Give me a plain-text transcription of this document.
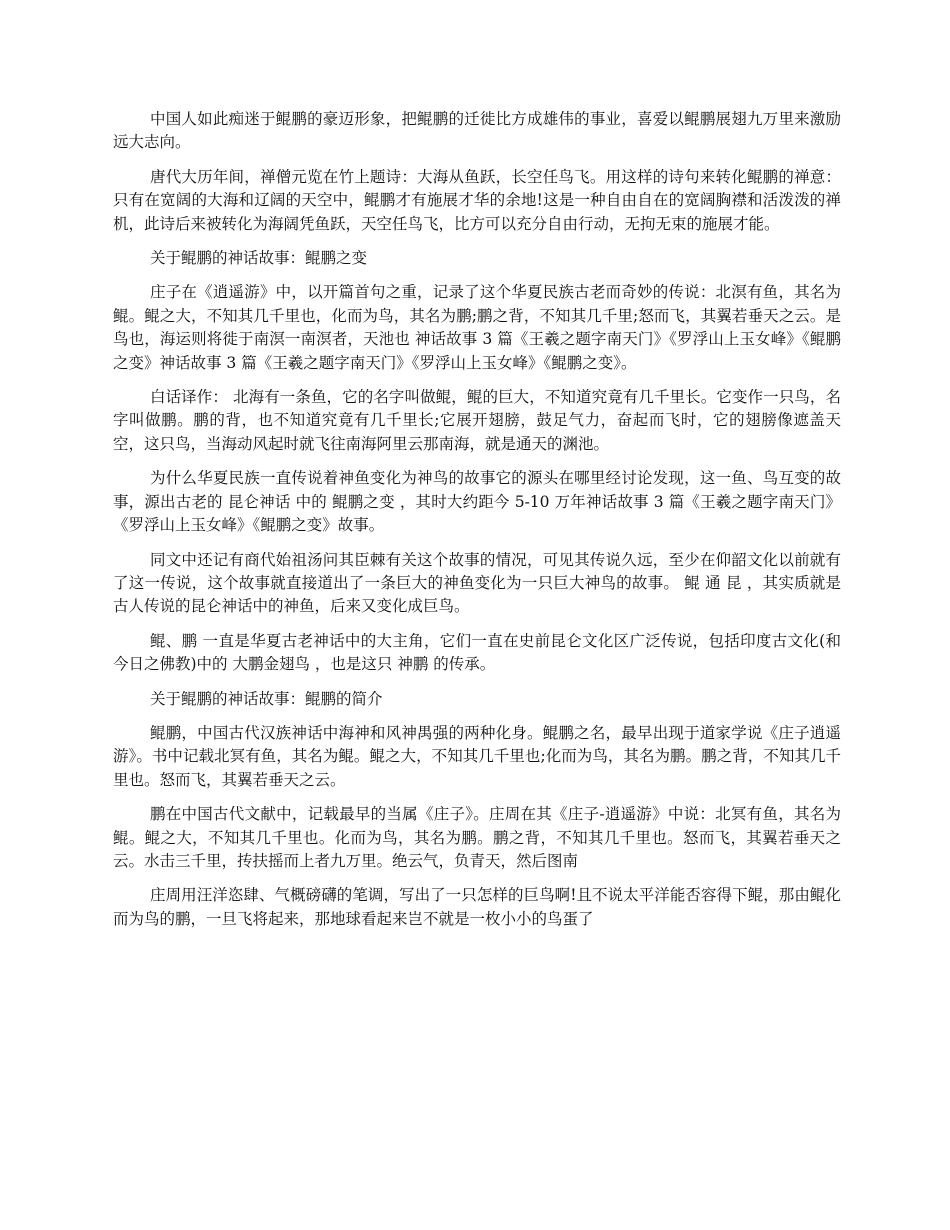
中国人如此痴迷于鲲鹏的豪迈形象，把鲲鹏的迁徙比方成雄伟的事业，喜爱以鲲鹏展翅九万里来激励远大志向。

唐代大历年间，禅僧元览在竹上题诗：大海从鱼跃，长空任鸟飞。用这样的诗句来转化鲲鹏的禅意：只有在宽阔的大海和辽阔的天空中，鲲鹏才有施展才华的余地!这是一种自由自在的宽阔胸襟和活泼泼的禅机，此诗后来被转化为海阔凭鱼跃，天空任鸟飞，比方可以充分自由行动，无拘无束的施展才能。

关于鲲鹏的神话故事：鲲鹏之变

庄子在《逍遥游》中，以开篇首句之重，记录了这个华夏民族古老而奇妙的传说：北溟有鱼，其名为鲲。鲲之大，不知其几千里也，化而为鸟，其名为鹏;鹏之背，不知其几千里;怒而飞，其翼若垂天之云。是鸟也，海运则将徙于南溟一南溟者，天池也 神话故事 3 篇《王羲之题字南天门》《罗浮山上玉女峰》《鲲鹏之变》神话故事 3 篇《王羲之题字南天门》《罗浮山上玉女峰》《鲲鹏之变》。

白话译作： 北海有一条鱼，它的名字叫做鲲，鲲的巨大，不知道究竟有几千里长。它变作一只鸟，名字叫做鹏。鹏的背，也不知道究竟有几千里长;它展开翅膀，鼓足气力，奋起而飞时，它的翅膀像遮盖天空，这只鸟，当海动风起时就飞往南海阿里云那南海，就是通天的渊池。

为什么华夏民族一直传说着神鱼变化为神鸟的故事它的源头在哪里经讨论发现，这一鱼、鸟互变的故事，源出古老的 昆仑神话 中的 鲲鹏之变 ，其时大约距今 5-10 万年神话故事 3 篇《王羲之题字南天门》《罗浮山上玉女峰》《鲲鹏之变》故事。

同文中还记有商代始祖汤问其臣棘有关这个故事的情况，可见其传说久远，至少在仰韶文化以前就有了这一传说，这个故事就直接道出了一条巨大的神鱼变化为一只巨大神鸟的故事。 鲲 通 昆 ，其实质就是古人传说的昆仑神话中的神鱼，后来又变化成巨鸟。

鲲、鹏 一直是华夏古老神话中的大主角，它们一直在史前昆仑文化区广泛传说，包括印度古文化(和今日之佛教)中的 大鹏金翅鸟 ，也是这只 神鹏 的传承。

关于鲲鹏的神话故事：鲲鹏的简介

鲲鹏，中国古代汉族神话中海神和风神禺强的两种化身。鲲鹏之名，最早出现于道家学说《庄子逍遥游》。书中记载北冥有鱼，其名为鲲。鲲之大，不知其几千里也;化而为鸟，其名为鹏。鹏之背，不知其几千里也。怒而飞，其翼若垂天之云。

鹏在中国古代文献中，记载最早的当属《庄子》。庄周在其《庄子-逍遥游》中说：北冥有鱼，其名为鲲。鲲之大，不知其几千里也。化而为鸟，其名为鹏。鹏之背，不知其几千里也。怒而飞，其翼若垂天之云。水击三千里，抟扶摇而上者九万里。绝云气，负青天，然后图南

庄周用汪洋恣肆、气概磅礴的笔调，写出了一只怎样的巨鸟啊!且不说太平洋能否容得下鲲，那由鲲化而为鸟的鹏，一旦飞将起来，那地球看起来岂不就是一枚小小的鸟蛋了
